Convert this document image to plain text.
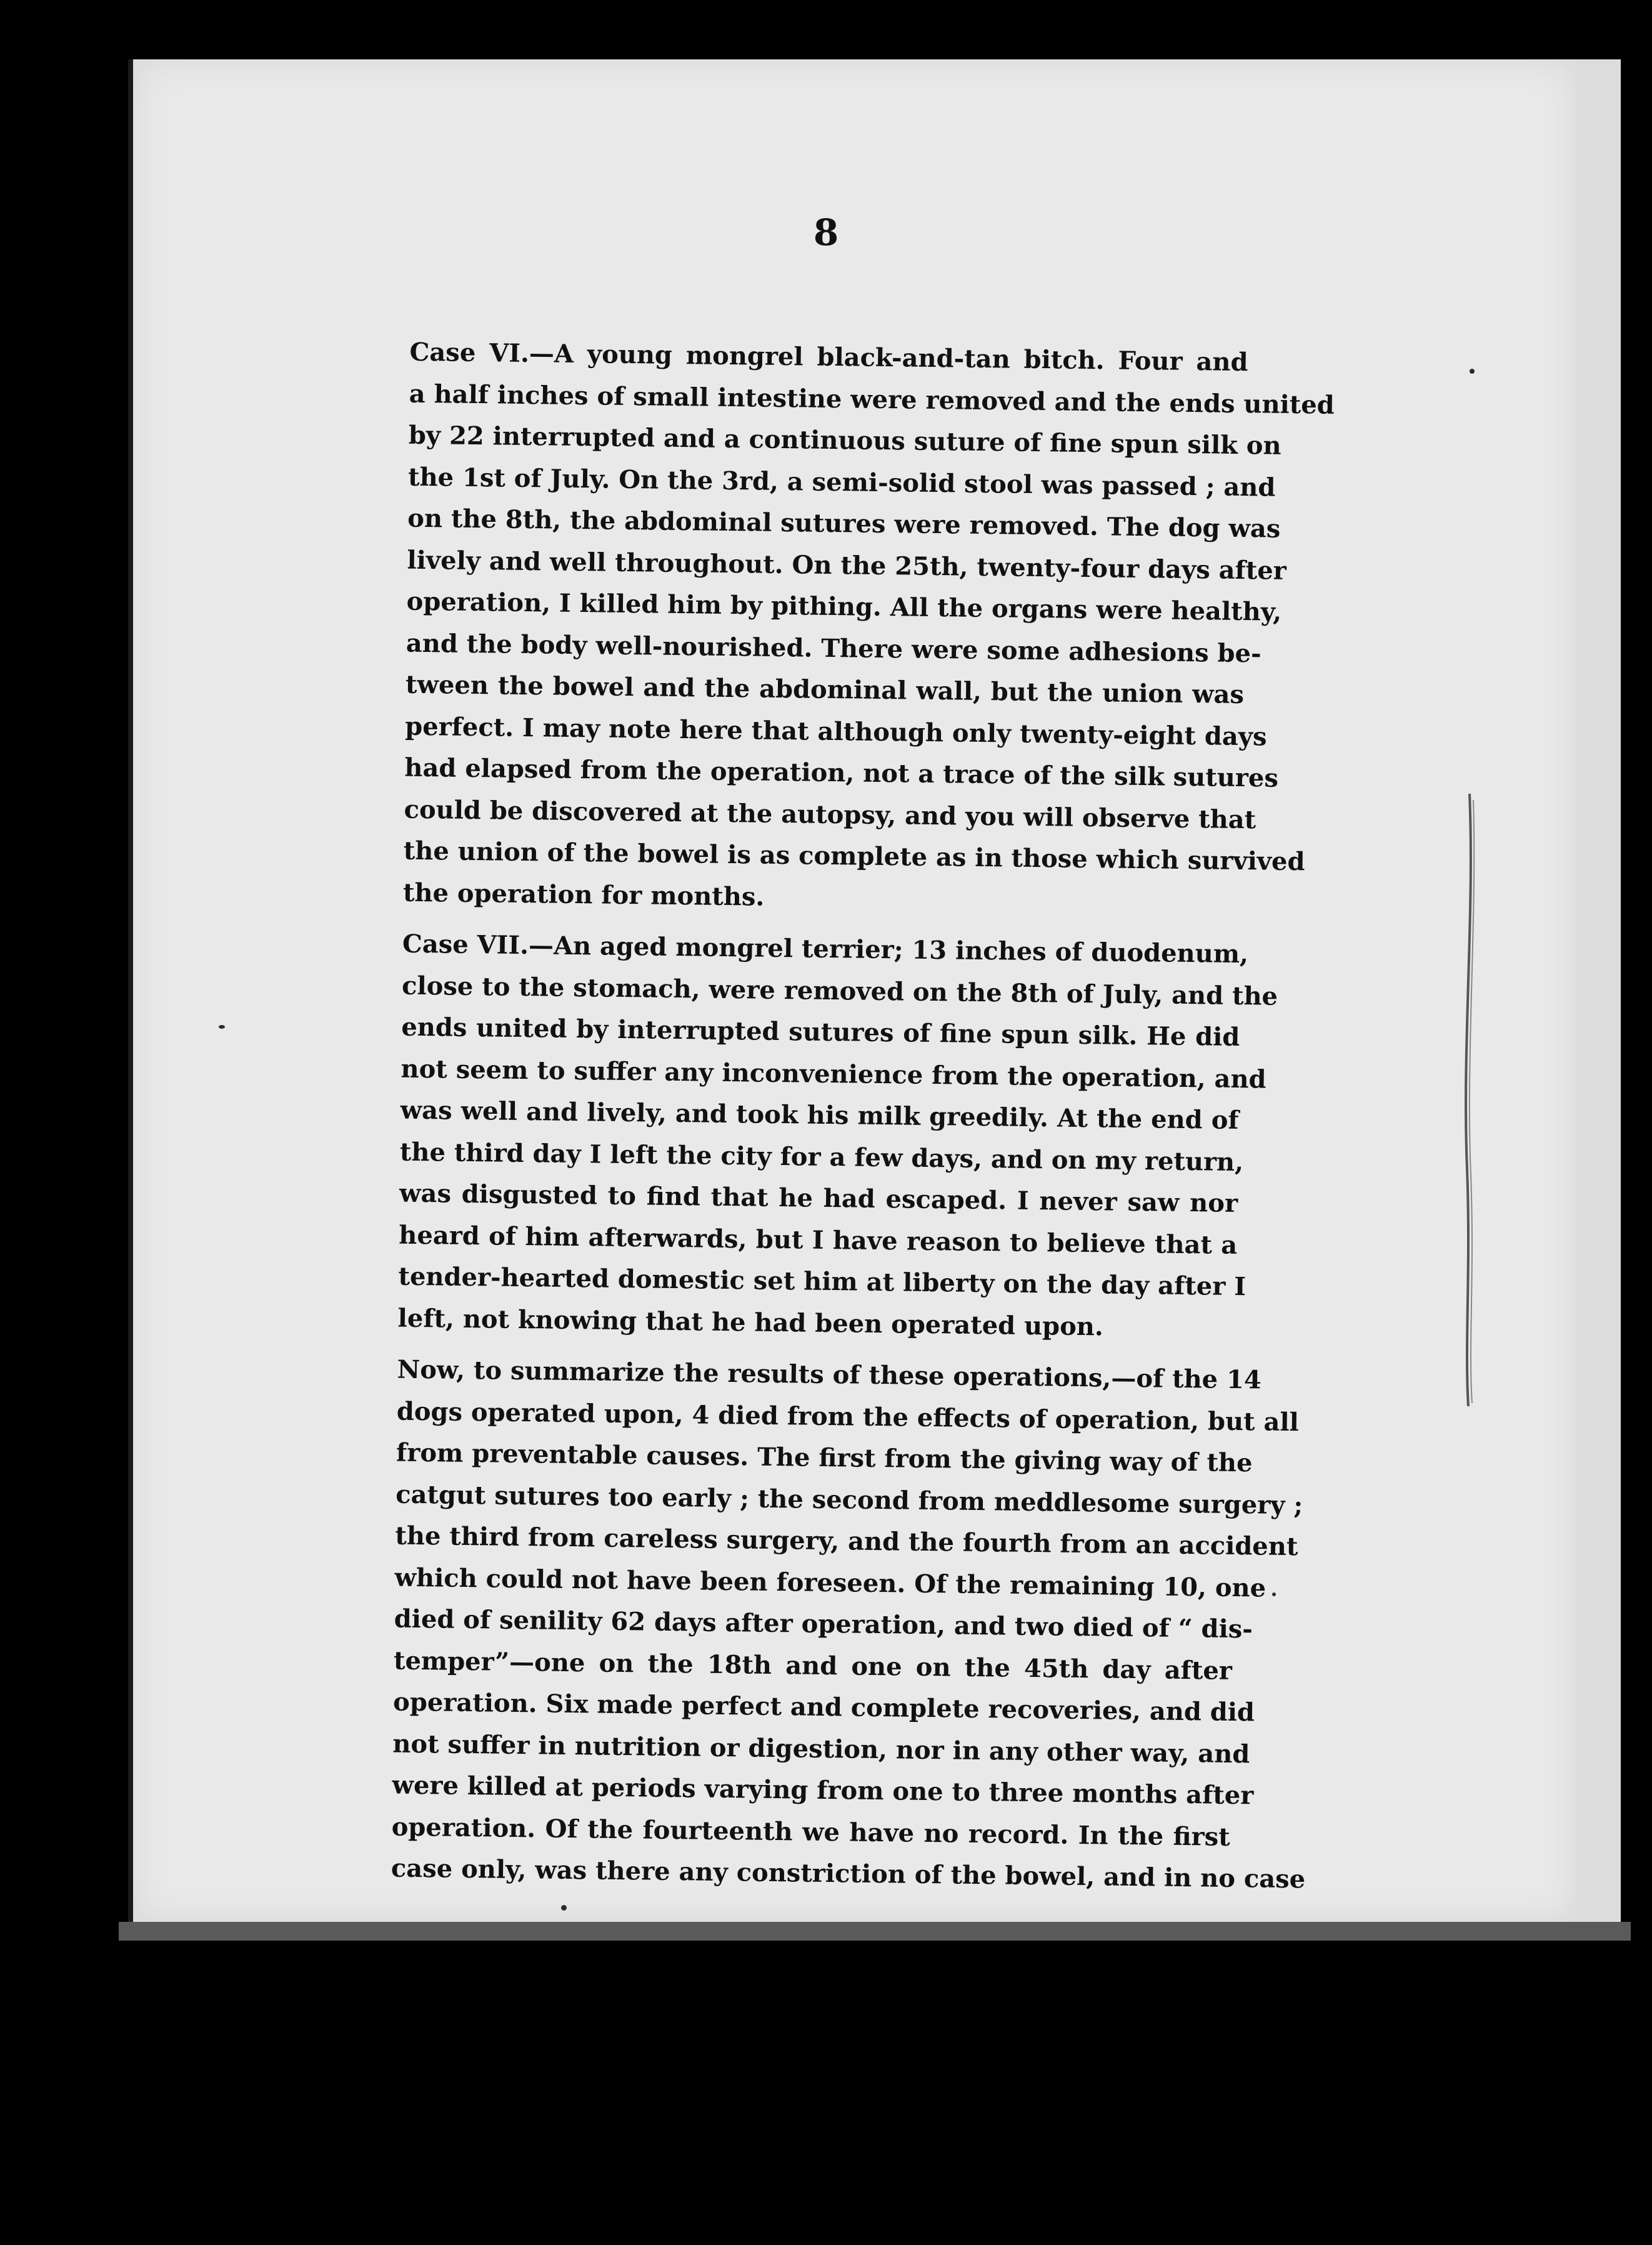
8

Case VI.—A young mongrel black-and-tan bitch. Four and
a half inches of small intestine were removed and the ends united
by 22 interrupted and a continuous suture of fine spun silk on
the 1st of July. On the 3rd, a semi-solid stool was passed ; and
on the 8th, the abdominal sutures were removed. The dog was
lively and well throughout. On the 25th, twenty-four days after
operation, I killed him by pithing. All the organs were healthy,
and the body well-nourished. There were some adhesions be-
tween the bowel and the abdominal wall, but the union was
perfect. I may note here that although only twenty-eight days
had elapsed from the operation, not a trace of the silk sutures
could be discovered at the autopsy, and you will observe that
the union of the bowel is as complete as in those which survived
the operation for months.

Case VII.—An aged mongrel terrier; 13 inches of duodenum,
close to the stomach, were removed on the 8th of July, and the
ends united by interrupted sutures of fine spun silk. He did
not seem to suffer any inconvenience from the operation, and
was well and lively, and took his milk greedily. At the end of
the third day I left the city for a few days, and on my return,
was disgusted to find that he had escaped. I never saw nor
heard of him afterwards, but I have reason to believe that a
tender-hearted domestic set him at liberty on the day after I
left, not knowing that he had been operated upon.

Now, to summarize the results of these operations,—of the 14
dogs operated upon, 4 died from the effects of operation, but all
from preventable causes. The first from the giving way of the
catgut sutures too early ; the second from meddlesome surgery ;
the third from careless surgery, and the fourth from an accident
which could not have been foreseen. Of the remaining 10, one
died of senility 62 days after operation, and two died of “ dis-
temper”—one on the 18th and one on the 45th day after
operation. Six made perfect and complete recoveries, and did
not suffer in nutrition or digestion, nor in any other way, and
were killed at periods varying from one to three months after
operation. Of the fourteenth we have no record. In the first
case only, was there any constriction of the bowel, and in no case
